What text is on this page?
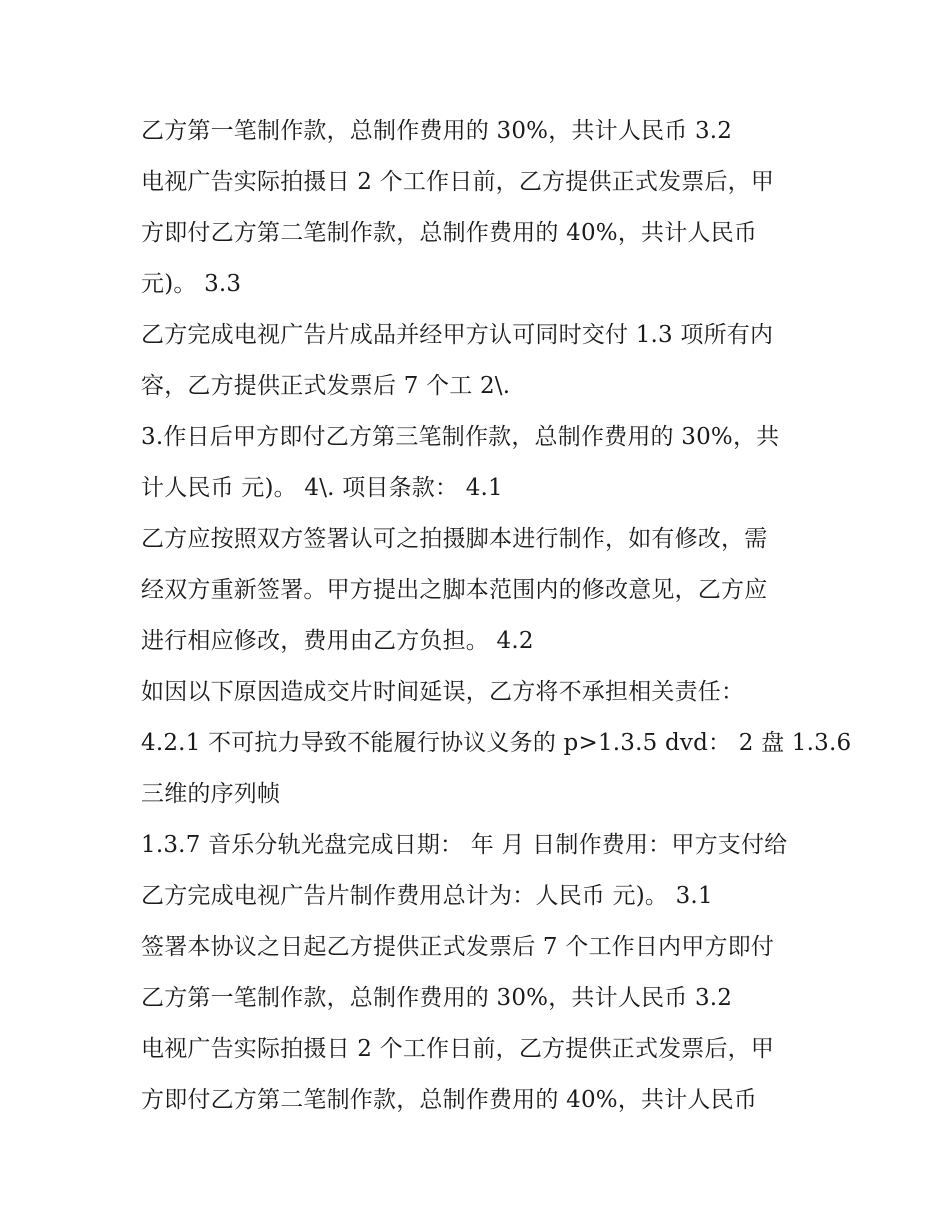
乙方第一笔制作款，总制作费用的 30%，共计人民币 3.2
电视广告实际拍摄日 2 个工作日前，乙方提供正式发票后，甲
方即付乙方第二笔制作款，总制作费用的 40%，共计人民币
元)。 3.3
乙方完成电视广告片成品并经甲方认可同时交付 1.3 项所有内
容，乙方提供正式发票后 7 个工 2\.
3.作日后甲方即付乙方第三笔制作款，总制作费用的 30%，共
计人民币 元)。 4\. 项目条款： 4.1
乙方应按照双方签署认可之拍摄脚本进行制作，如有修改，需
经双方重新签署。甲方提出之脚本范围内的修改意见，乙方应
进行相应修改，费用由乙方负担。 4.2
如因以下原因造成交片时间延误，乙方将不承担相关责任：
4.2.1 不可抗力导致不能履行协议义务的 p>1.3.5 dvd： 2 盘 1.3.6
三维的序列帧
1.3.7 音乐分轨光盘完成日期： 年 月 日制作费用：甲方支付给
乙方完成电视广告片制作费用总计为：人民币 元)。 3.1
签署本协议之日起乙方提供正式发票后 7 个工作日内甲方即付
乙方第一笔制作款，总制作费用的 30%，共计人民币 3.2
电视广告实际拍摄日 2 个工作日前，乙方提供正式发票后，甲
方即付乙方第二笔制作款，总制作费用的 40%，共计人民币
